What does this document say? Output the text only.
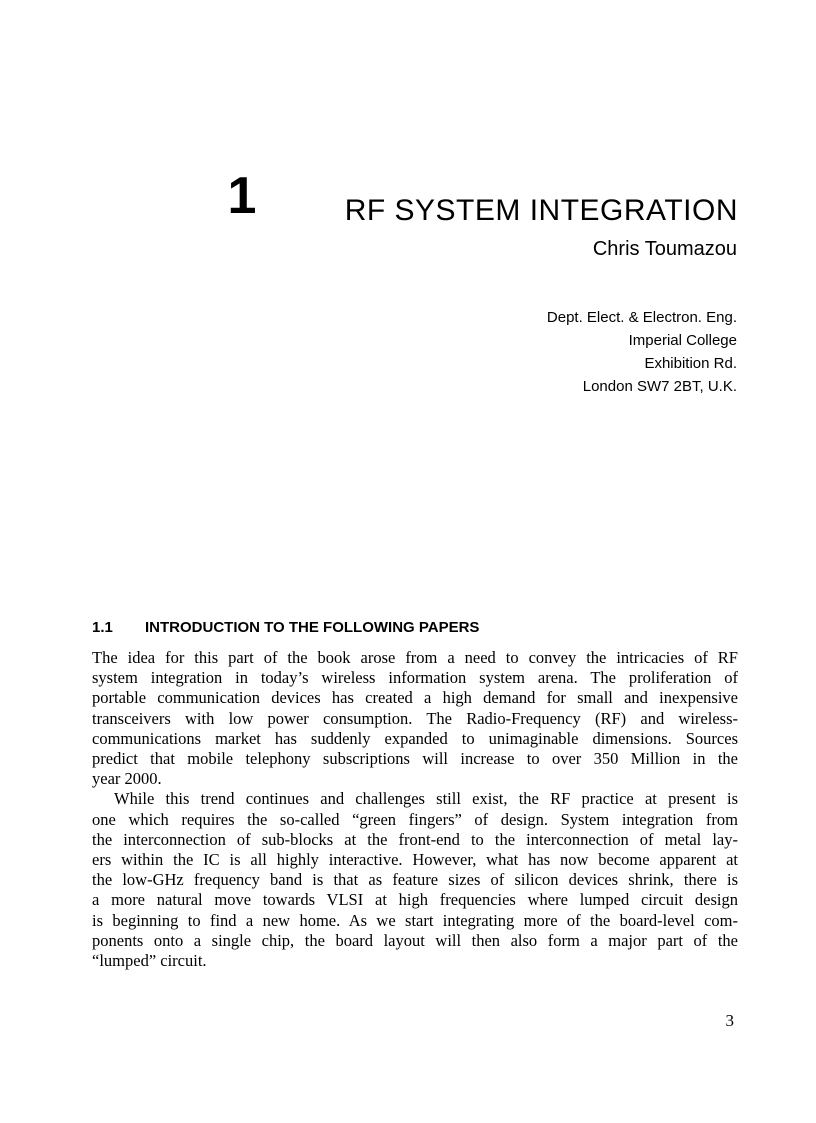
1	RF SYSTEM INTEGRATION
Chris Toumazou
Dept. Elect. & Electron. Eng.
Imperial College
Exhibition Rd.
London SW7 2BT, U.K.
1.1 INTRODUCTION TO THE FOLLOWING PAPERS
The idea for this part of the book arose from a need to convey the intricacies of RF
system integration in today’s wireless information system arena. The proliferation of
portable communication devices has created a high demand for small and inexpensive
transceivers with low power consumption. The Radio-Frequency (RF) and wireless-
communications market has suddenly expanded to unimaginable dimensions. Sources
predict that mobile telephony subscriptions will increase to over 350 Million in the
year 2000.
While this trend continues and challenges still exist, the RF practice at present is
one which requires the so-called “green fingers” of design. System integration from
the interconnection of sub-blocks at the front-end to the interconnection of metal lay-
ers within the IC is all highly interactive. However, what has now become apparent at
the low-GHz frequency band is that as feature sizes of silicon devices shrink, there is
a more natural move towards VLSI at high frequencies where lumped circuit design
is beginning to find a new home. As we start integrating more of the board-level com-
ponents onto a single chip, the board layout will then also form a major part of the
“lumped” circuit.
3
